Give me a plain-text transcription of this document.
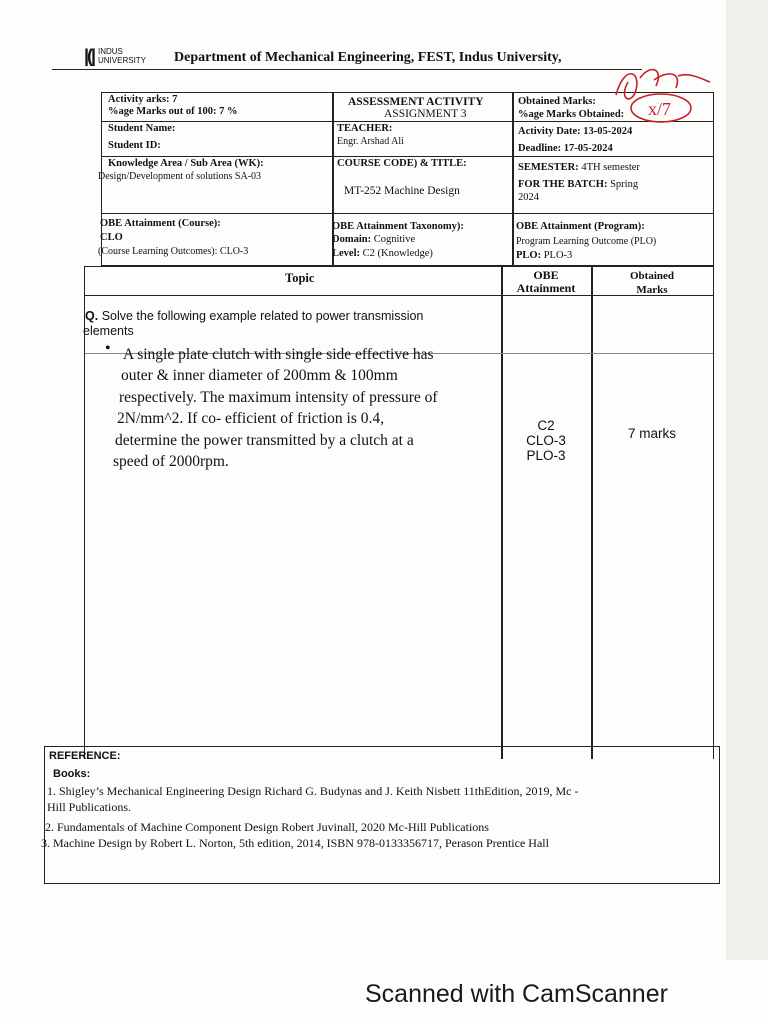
|(| INDUS
UNIVERSITY Department of Mechanical Engineering, FEST, Indus University,
Activity arks: 7
%age Marks out of 100: 7 %
ASSESSMENT ACTIVITY
ASSIGNMENT 3
Obtained Marks:
%age Marks Obtained:
Student Name:
Student ID:
TEACHER:
Engr. Arshad Ali
Activity Date: 13-05-2024
Deadline: 17-05-2024
Knowledge Area / Sub Area (WK):
Design/Development of solutions SA-03
COURSE CODE) & TITLE:
MT-252 Machine Design
SEMESTER: 4TH semester
FOR THE BATCH: Spring
2024
OBE Attainment (Course):
CLO
(Course Learning Outcomes): CLO-3
OBE Attainment Taxonomy):
Domain: Cognitive
Level: C2 (Knowledge)
OBE Attainment (Program):
Program Learning Outcome (PLO)
PLO: PLO-3
Topic	OBE
Attainment
Obtained
Marks
Q. Solve the following example related to power transmission
elements
• A single plate clutch with single side effective has
outer & inner diameter of 200mm & 100mm
respectively. The maximum intensity of pressure of
2N/mm^2. If co- efficient of friction is 0.4,
determine the power transmitted by a clutch at a
speed of 2000rpm.
C2
CLO-3
PLO-3
7 marks
REFERENCE:
Books:
1. Shigley’s Mechanical Engineering Design Richard G. Budynas and J. Keith Nisbett 11thEdition, 2019, Mc -
Hill Publications.
2. Fundamentals of Machine Component Design Robert Juvinall, 2020 Mc-Hill Publications
3. Machine Design by Robert L. Norton, 5th edition, 2014, ISBN 978-0133356717, Perason Prentice Hall
x/7
Scanned with CamScanner
